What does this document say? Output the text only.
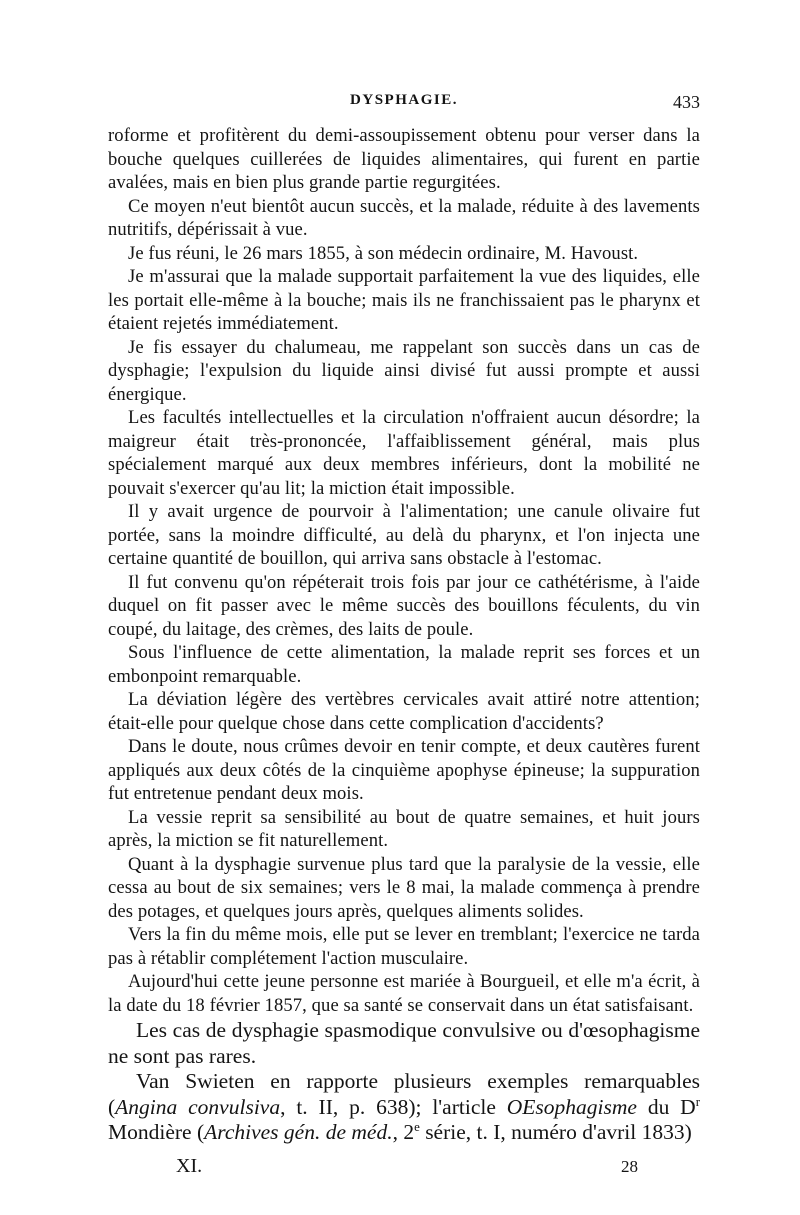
DYSPHAGIE.	433

roforme et profitèrent du demi-assoupissement obtenu pour verser dans la bouche quelques cuillerées de liquides alimentaires, qui furent en partie avalées, mais en bien plus grande partie regurgitées.

Ce moyen n'eut bientôt aucun succès, et la malade, réduite à des lavements nutritifs, dépérissait à vue.

Je fus réuni, le 26 mars 1855, à son médecin ordinaire, M. Havoust.

Je m'assurai que la malade supportait parfaitement la vue des liquides, elle les portait elle-même à la bouche; mais ils ne franchissaient pas le pharynx et étaient rejetés immédiatement.

Je fis essayer du chalumeau, me rappelant son succès dans un cas de dysphagie; l'expulsion du liquide ainsi divisé fut aussi prompte et aussi énergique.

Les facultés intellectuelles et la circulation n'offraient aucun désordre; la maigreur était très-prononcée, l'affaiblissement général, mais plus spécialement marqué aux deux membres inférieurs, dont la mobilité ne pouvait s'exercer qu'au lit; la miction était impossible.

Il y avait urgence de pourvoir à l'alimentation; une canule olivaire fut portée, sans la moindre difficulté, au delà du pharynx, et l'on injecta une certaine quantité de bouillon, qui arriva sans obstacle à l'estomac.

Il fut convenu qu'on répéterait trois fois par jour ce cathétérisme, à l'aide duquel on fit passer avec le même succès des bouillons féculents, du vin coupé, du laitage, des crèmes, des laits de poule.

Sous l'influence de cette alimentation, la malade reprit ses forces et un embonpoint remarquable.

La déviation légère des vertèbres cervicales avait attiré notre attention; était-elle pour quelque chose dans cette complication d'accidents?

Dans le doute, nous crûmes devoir en tenir compte, et deux cautères furent appliqués aux deux côtés de la cinquième apophyse épineuse; la suppuration fut entretenue pendant deux mois.

La vessie reprit sa sensibilité au bout de quatre semaines, et huit jours après, la miction se fit naturellement.

Quant à la dysphagie survenue plus tard que la paralysie de la vessie, elle cessa au bout de six semaines; vers le 8 mai, la malade commença à prendre des potages, et quelques jours après, quelques aliments solides.

Vers la fin du même mois, elle put se lever en tremblant; l'exercice ne tarda pas à rétablir complétement l'action musculaire.

Aujourd'hui cette jeune personne est mariée à Bourgueil, et elle m'a écrit, à la date du 18 février 1857, que sa santé se conservait dans un état satisfaisant.

Les cas de dysphagie spasmodique convulsive ou d'œsophagisme ne sont pas rares.

Van Swieten en rapporte plusieurs exemples remarquables (Angina convulsiva, t. II, p. 638); l'article OEsophagisme du $D^r$ Mondière (Archives gén. de méd., 2e série, t. I, numéro d'avril 1833)

XI.	28
